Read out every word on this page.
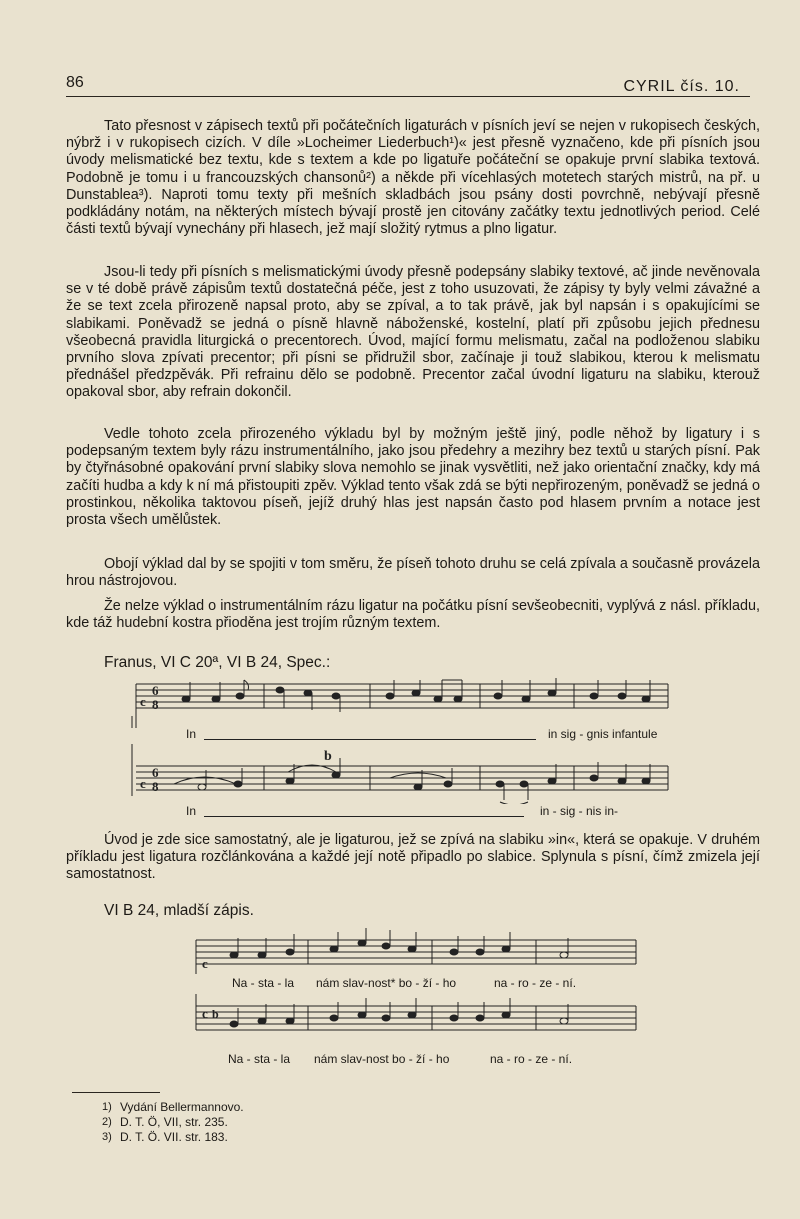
86	CYRIL čís. 10.

Tato přesnost v zápisech textů při počátečních ligaturách v písních jeví se nejen v rukopisech českých, nýbrž i v rukopisech cizích. V díle »Locheimer Liederbuch¹)« jest přesně vyznačeno, kde při písních jsou úvody melismatické bez textu, kde s textem a kde po ligatuře počáteční se opakuje první slabika textová. Podobně je tomu i u francouzských chansonů²) a někde při vícehlasých motetech starých mistrů, na př. u Dunstablea³). Naproti tomu texty při mešních skladbách jsou psány dosti povrchně, nebývají přesně podkládány notám, na některých místech bývají prostě jen citovány začátky textu jednotlivých period. Celé části textů bývají vynechány při hlasech, jež mají složitý rytmus a plno ligatur.

Jsou-li tedy při písních s melismatickými úvody přesně podepsány slabiky textové, ač jinde nevěnovala se v té době právě zápisům textů dostatečná péče, jest z toho usuzovati, že zápisy ty byly velmi závažné a že se text zcela přirozeně napsal proto, aby se zpíval, a to tak právě, jak byl napsán i s opakujícími se slabikami. Poněvadž se jedná o písně hlavně náboženské, kostelní, platí při způsobu jejich přednesu všeobecná pravidla liturgická o precentorech. Úvod, mající formu melismatu, začal na podloženou slabiku prvního slova zpívati precentor; při písni se přidružil sbor, začínaje ji touž slabikou, kterou k melismatu přednášel předzpěvák. Při refrainu dělo se podobně. Precentor začal úvodní ligaturu na slabiku, kterouž opakoval sbor, aby refrain dokončil.

Vedle tohoto zcela přirozeného výkladu byl by možným ještě jiný, podle něhož by ligatury i s podepsaným textem byly rázu instrumentálního, jako jsou předehry a mezihry bez textů u starých písní. Pak by čtyřnásobné opakování první slabiky slova nemohlo se jinak vysvětliti, než jako orientační značky, kdy má začíti hudba a kdy k ní má přistoupiti zpěv. Výklad tento však zdá se býti nepřirozeným, poněvadž se jedná o prostinkou, několika taktovou píseň, jejíž druhý hlas jest napsán často pod hlasem prvním a notace jest prosta všech umělůstek.

Obojí výklad dal by se spojiti v tom směru, že píseň tohoto druhu se celá zpívala a současně provázela hrou nástrojovou.

Že nelze výklad o instrumentálním rázu ligatur na počátku písní sevšeobecniti, vyplývá z násl. příkladu, kde táž hudební kostra přioděna jest trojím různým textem.

Franus, VI C 20ª, VI B 24, Spec.:

c
6
8
In	in sig - gnis infantule
c
6
8
b
In	in - sig - nis in-

Úvod je zde sice samostatný, ale je ligaturou, jež se zpívá na slabiku »in«, která se opakuje. V druhém příkladu jest ligatura rozčlánkována a každé její notě připadlo po slabice. Splynula s písní, čímž zmizela její samostatnost.

VI B 24, mladší zápis.

c
Na - sta - la nám slav-nost* bo - ží - ho	na - ro - ze - ní.
c b
Na - sta - la nám slav-nost bo - ží - ho	na - ro - ze - ní.

1) Vydání Bellermannovo.

2) D. T. Ö, VII, str. 235.

3) D. T. Ö. VII. str. 183.
